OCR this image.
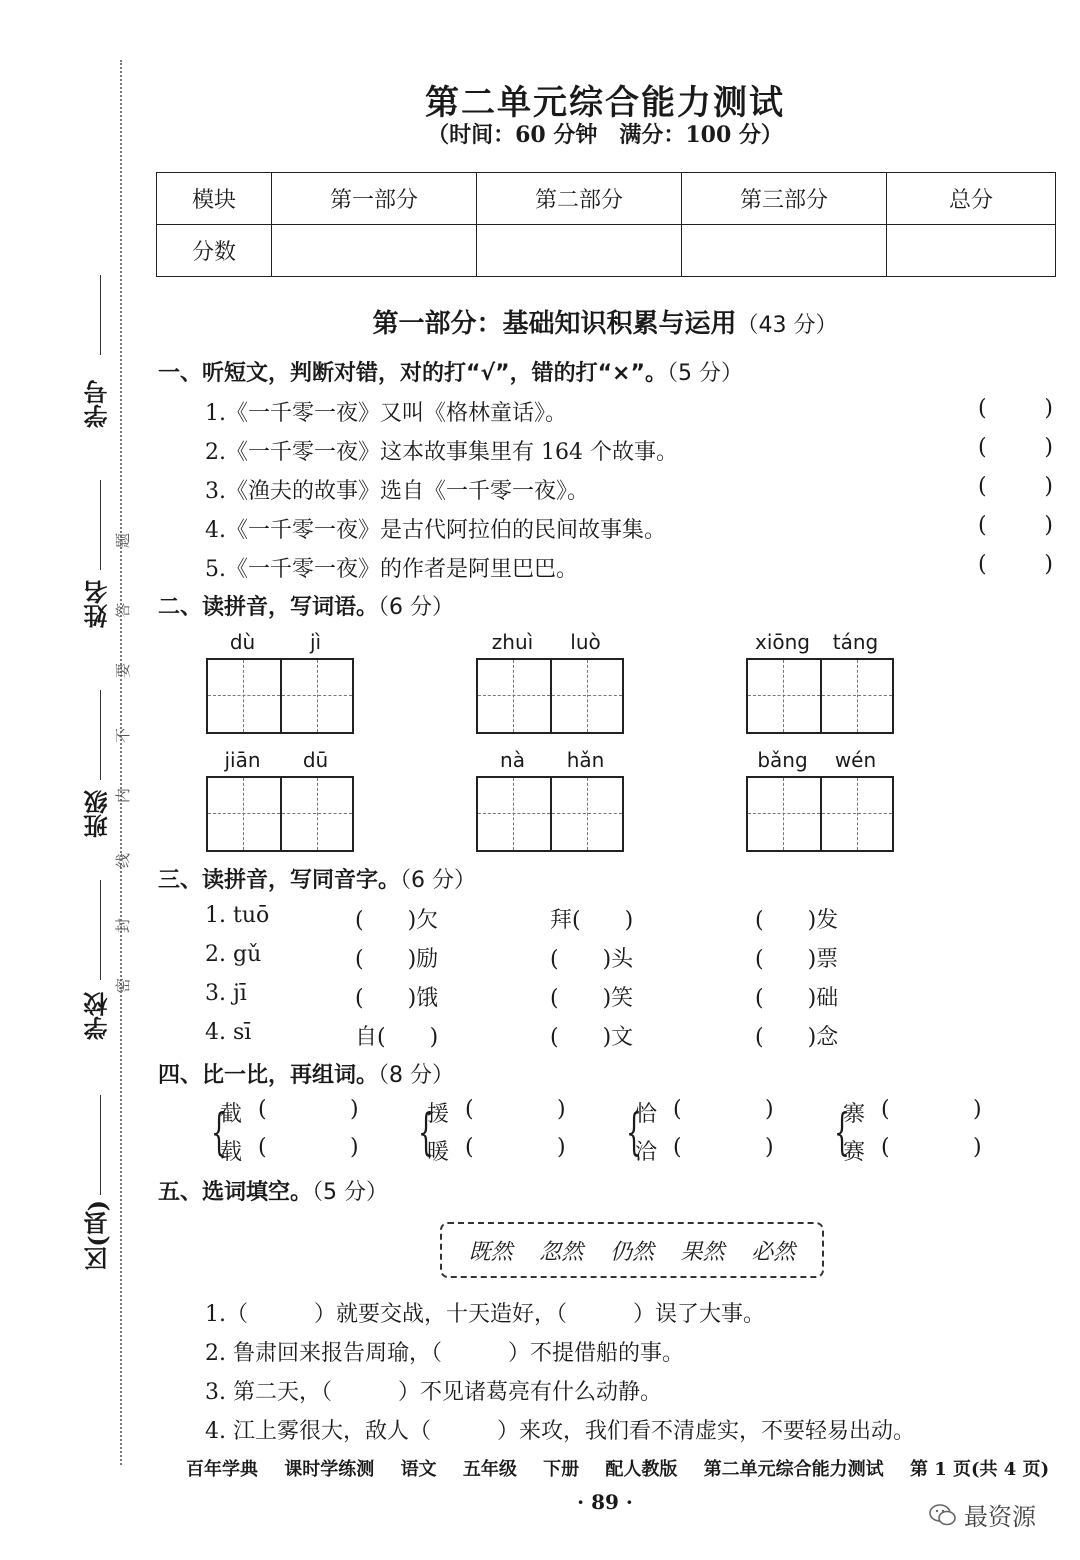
学号
姓名
班级
学校
区(县)
题
答
要
不
内
线
封
密
第二单元综合能力测试
（时间：60 分钟　满分：100 分）
模块	第一部分	第二部分	第三部分	总分
分数				
第一部分：基础知识积累与运用（43 分）
一、听短文，判断对错，对的打“√”，错的打“×”。（5 分）
1.《一千零一夜》又叫《格林童话》。
2.《一千零一夜》这本故事集里有 164 个故事。
3.《渔夫的故事》选自《一千零一夜》。
4.《一千零一夜》是古代阿拉伯的民间故事集。
5.《一千零一夜》的作者是阿里巴巴。
(	)
(	)
(	)
(	)
(	)
二、读拼音，写词语。（6 分）
dù	jì	zhuì	luò	xiōng	táng
jiān	dū	nà	hǎn	bǎng	wén
三、读拼音，写同音字。（6 分）
1. tuō	(　　)欠	拜(　　)	(　　)发
2. gǔ	(　　)励	(　　)头	(　　)票
3. jī	(　　)饿	(　　)笑	(　　)础
4. sī	自(　　)	(　　)文	(　　)念
四、比一比，再组词。（8 分）
{
截 (	)
载 (	) {
援 (	)
暖 (	) {
恰 (	)
洽 (	) {
寨 (	)
赛 (	)
五、选词填空。（5 分）
既然 忽然 仍然 果然 必然
1.（　　　）就要交战，十天造好，（　　　）误了大事。
2. 鲁肃回来报告周瑜，（　　　）不提借船的事。
3. 第二天，（　　　）不见诸葛亮有什么动静。
4. 江上雾很大，敌人（　　　）来攻，我们看不清虚实，不要轻易出动。
百年学典 课时学练测 语文 五年级 下册 配人教版 第二单元综合能力测试 第 1 页(共 4 页)
· 89 ·
最资源
